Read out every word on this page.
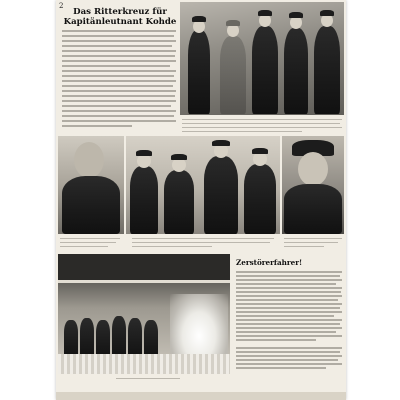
Das Ritterkreuz für Kapitänleutnant Kohde
Zerstörerfahrer!
2
